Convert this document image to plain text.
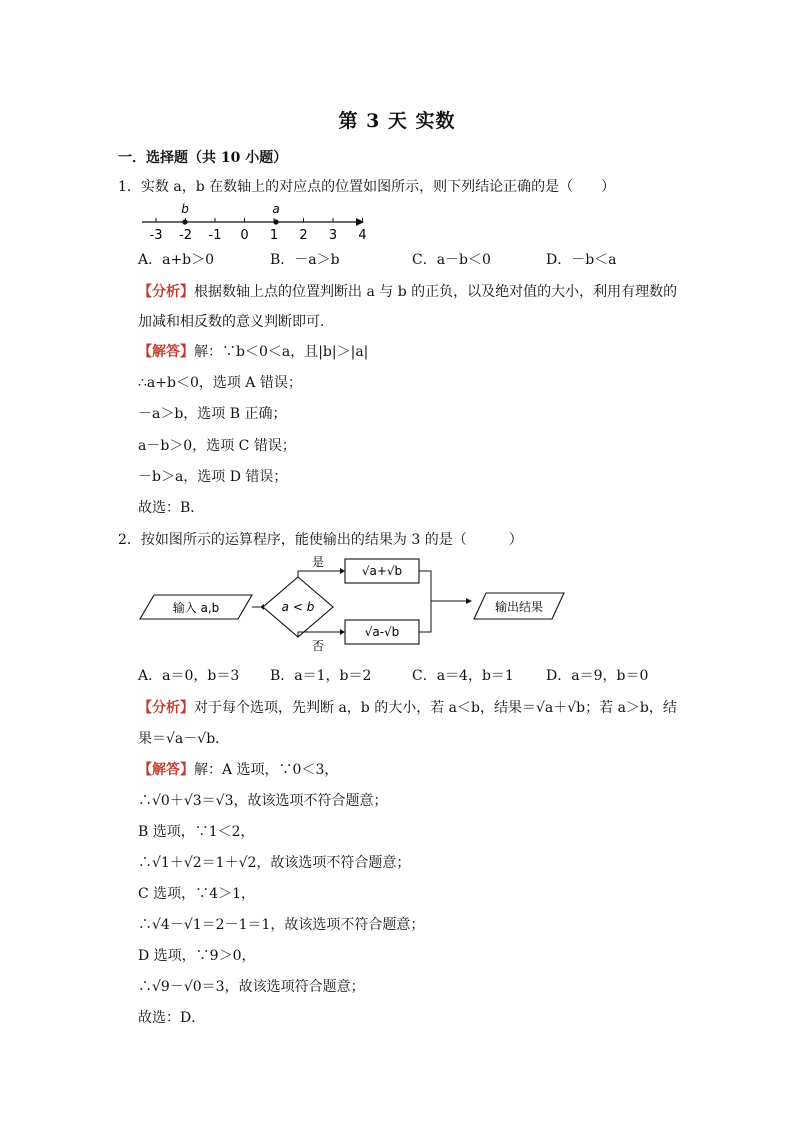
第 3 天 实数
一．选择题（共 10 小题）
1．实数 a，b 在数轴上的对应点的位置如图所示，则下列结论正确的是（　　）
-3 -2 -1 0 1 2 3 4
b	a
A．a+b＞0	B．－a＞b	C．a－b＜0	D．－b＜a
【分析】根据数轴上点的位置判断出 a 与 b 的正负，以及绝对值的大小，利用有理数的
加减和相反数的意义判断即可．
【解答】解：∵b＜0＜a，且|b|＞|a|
∴a+b＜0，选项 A 错误；
－a＞b，选项 B 正确；
a－b＞0，选项 C 错误；
－b＞a，选项 D 错误；
故选：B．
2．按如图所示的运算程序，能使输出的结果为 3 的是（　　　）
输入 a,b	a < b
是
否
√a+√b
√a-√b
输出结果
A．a＝0，b＝3 B．a＝1，b＝2	C．a＝4，b＝1 D．a＝9，b＝0
【分析】对于每个选项，先判断 a，b 的大小，若 a＜b，结果＝√a＋√b；若 a＞b，结
果＝√a－√b．
【解答】解：A 选项，∵0＜3，
∴√0＋√3＝√3，故该选项不符合题意；
B 选项，∵1＜2，
∴√1＋√2＝1＋√2，故该选项不符合题意；
C 选项，∵4＞1，
∴√4－√1＝2－1＝1，故该选项不符合题意；
D 选项，∵9＞0，
∴√9－√0＝3，故该选项符合题意；
故选：D．
